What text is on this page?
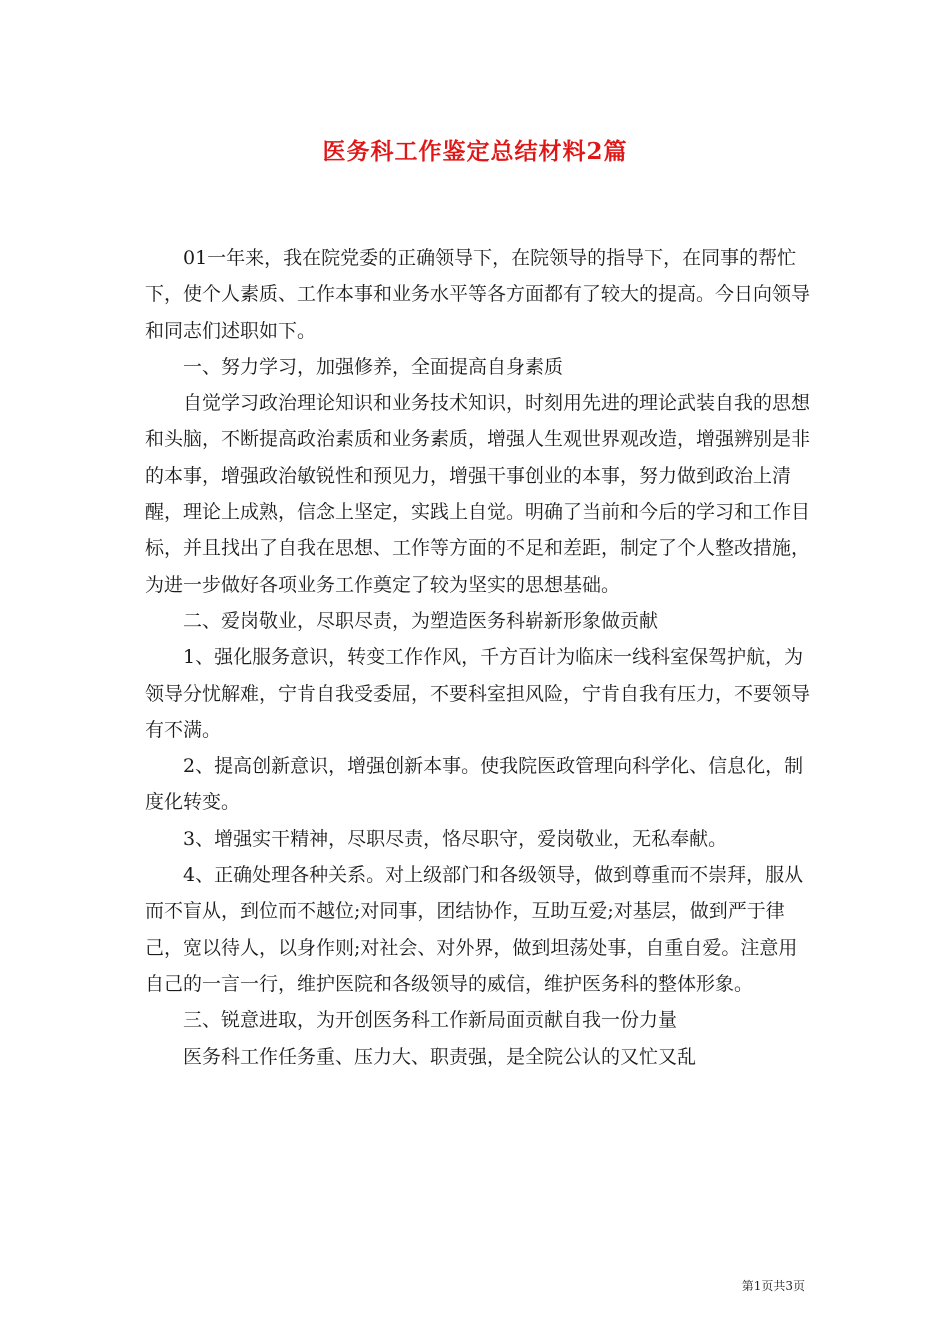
医务科工作鉴定总结材料2篇

01一年来，我在院党委的正确领导下，在院领导的指导下，在同事的帮忙下，使个人素质、工作本事和业务水平等各方面都有了较大的提高。今日向领导和同志们述职如下。

一、努力学习，加强修养，全面提高自身素质

自觉学习政治理论知识和业务技术知识，时刻用先进的理论武装自我的思想和头脑，不断提高政治素质和业务素质，增强人生观世界观改造，增强辨别是非的本事，增强政治敏锐性和预见力，增强干事创业的本事，努力做到政治上清醒，理论上成熟，信念上坚定，实践上自觉。明确了当前和今后的学习和工作目标，并且找出了自我在思想、工作等方面的不足和差距，制定了个人整改措施，为进一步做好各项业务工作奠定了较为坚实的思想基础。

二、爱岗敬业，尽职尽责，为塑造医务科崭新形象做贡献

1、强化服务意识，转变工作作风，千方百计为临床一线科室保驾护航，为领导分忧解难，宁肯自我受委屈，不要科室担风险，宁肯自我有压力，不要领导有不满。

2、提高创新意识，增强创新本事。使我院医政管理向科学化、信息化，制度化转变。

3、增强实干精神，尽职尽责，恪尽职守，爱岗敬业，无私奉献。

4、正确处理各种关系。对上级部门和各级领导，做到尊重而不崇拜，服从而不盲从，到位而不越位;对同事，团结协作，互助互爱;对基层，做到严于律己，宽以待人，以身作则;对社会、对外界，做到坦荡处事，自重自爱。注意用自己的一言一行，维护医院和各级领导的威信，维护医务科的整体形象。

三、锐意进取，为开创医务科工作新局面贡献自我一份力量

医务科工作任务重、压力大、职责强，是全院公认的又忙又乱

第1页共3页
